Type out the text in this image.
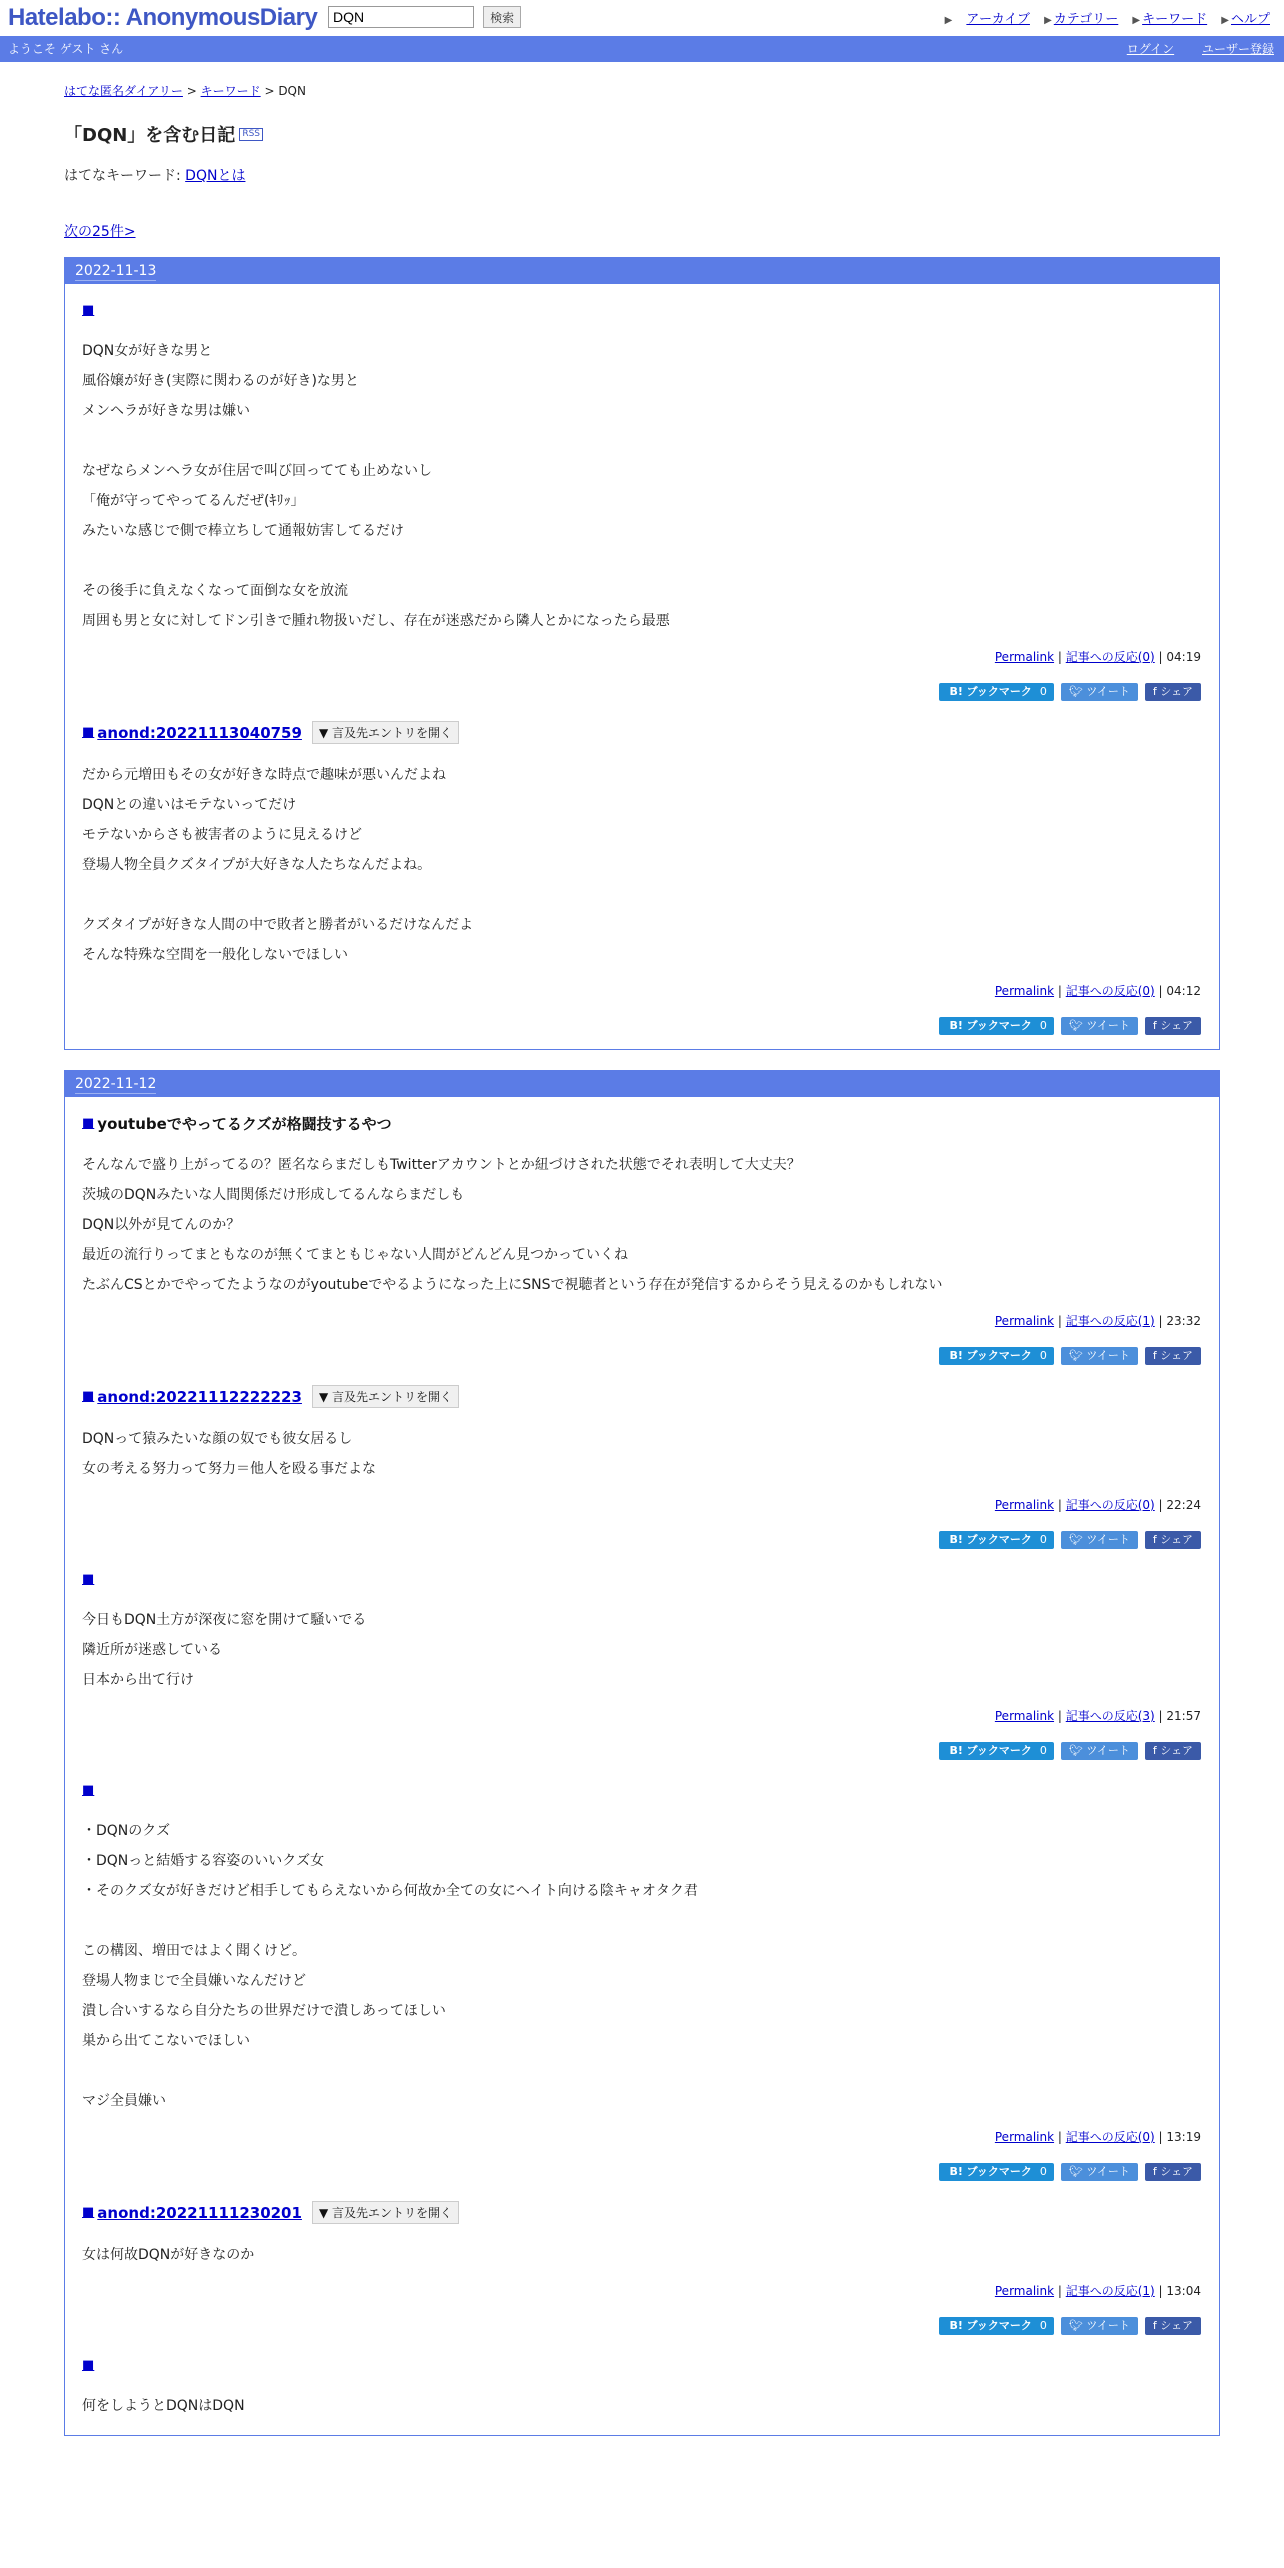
Hatelabo:: AnonymousDiary
DQN	検索	▶ アーカイブ ▶ カテゴリー ▶ キーワード ▶ ヘルプ
ようこそ ゲスト さん	ログイン ユーザー登録
はてな匿名ダイアリー > キーワード > DQN
「DQN」を含む日記 RSS
はてなキーワード: DQNとは
次の25件>
2022-11-13
■

DQN女が好きな男と

風俗嬢が好き(実際に関わるのが好き)な男と

メンヘラが好きな男は嫌い

なぜならメンヘラ女が住居で叫び回ってても止めないし

「俺が守ってやってるんだぜ(ｷﾘｯ」

みたいな感じで側で棒立ちして通報妨害してるだけ

その後手に負えなくなって面倒な女を放流

周囲も男と女に対してドン引きで腫れ物扱いだし、存在が迷惑だから隣人とかになったら最悪

Permalink | 記事への反応(0) | 04:19
B! ブックマーク 0	🐦︎ ツイート	f シェア
■ anond:20221113040759	▼ 言及先エントリを開く

だから元増田もその女が好きな時点で趣味が悪いんだよね

DQNとの違いはモテないってだけ

モテないからさも被害者のように見えるけど

登場人物全員クズタイプが大好きな人たちなんだよね。

クズタイプが好きな人間の中で敗者と勝者がいるだけなんだよ

そんな特殊な空間を一般化しないでほしい

Permalink | 記事への反応(0) | 04:12
B! ブックマーク 0	🐦︎ ツイート	f シェア
2022-11-12
■ youtubeでやってるクズが格闘技するやつ

そんなんで盛り上がってるの？匿名ならまだしもTwitterアカウントとか紐づけされた状態でそれ表明して大丈夫？

茨城のDQNみたいな人間関係だけ形成してるんならまだしも

DQN以外が見てんのか？

最近の流行りってまともなのが無くてまともじゃない人間がどんどん見つかっていくね

たぶんCSとかでやってたようなのがyoutubeでやるようになった上にSNSで視聴者という存在が発信するからそう見えるのかもしれない

Permalink | 記事への反応(1) | 23:32
B! ブックマーク 0	🐦︎ ツイート	f シェア
■ anond:20221112222223	▼ 言及先エントリを開く

DQNって猿みたいな顔の奴でも彼女居るし

女の考える努力って努力＝他人を殴る事だよな

Permalink | 記事への反応(0) | 22:24
B! ブックマーク 0	🐦︎ ツイート	f シェア
■

今日もDQN土方が深夜に窓を開けて騒いでる

隣近所が迷惑している

日本から出て行け

Permalink | 記事への反応(3) | 21:57
B! ブックマーク 0	🐦︎ ツイート	f シェア
■

・DQNのクズ

・DQNっと結婚する容姿のいいクズ女

・そのクズ女が好きだけど相手してもらえないから何故か全ての女にヘイト向ける陰キャオタク君

この構図、増田ではよく聞くけど。

登場人物まじで全員嫌いなんだけど

潰し合いするなら自分たちの世界だけで潰しあってほしい

巣から出てこないでほしい

マジ全員嫌い

Permalink | 記事への反応(0) | 13:19
B! ブックマーク 0	🐦︎ ツイート	f シェア
■ anond:20221111230201	▼ 言及先エントリを開く

女は何故DQNが好きなのか

Permalink | 記事への反応(1) | 13:04
B! ブックマーク 0	🐦︎ ツイート	f シェア
■

何をしようとDQNはDQN
